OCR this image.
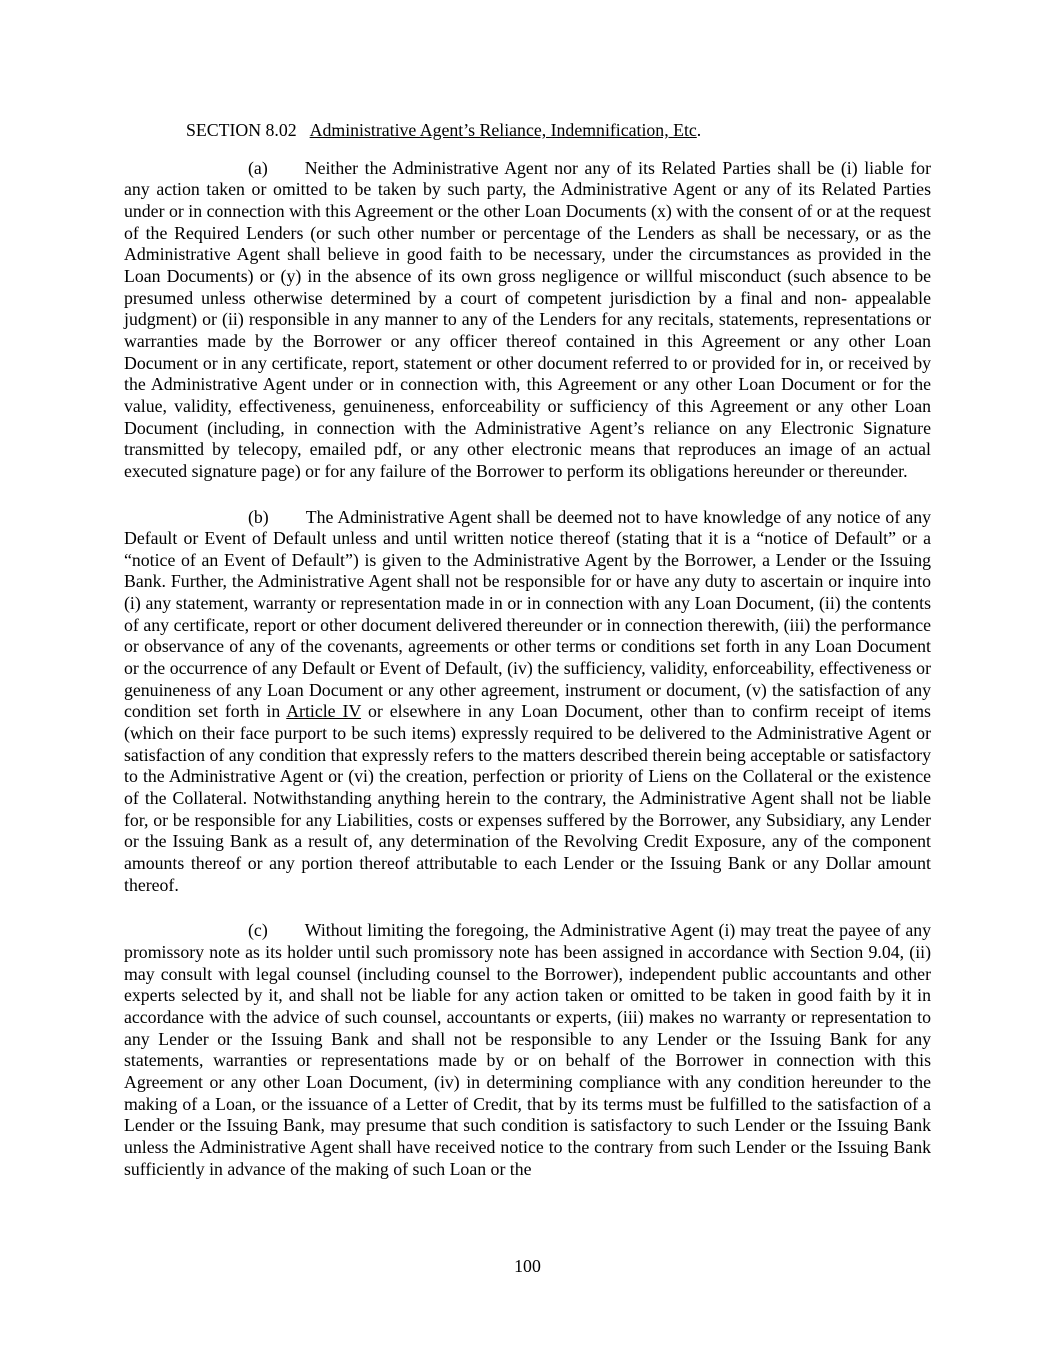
SECTION 8.02 Administrative Agent’s Reliance, Indemnification, Etc.

(a) Neither the Administrative Agent nor any of its Related Parties shall be (i) liable for any action taken or omitted to be taken by such party, the Administrative Agent or any of its Related Parties under or in connection with this Agreement or the other Loan Documents (x) with the consent of or at the request of the Required Lenders (or such other number or percentage of the Lenders as shall be necessary, or as the Administrative Agent shall believe in good faith to be necessary, under the circumstances as provided in the Loan Documents) or (y) in the absence of its own gross negligence or willful misconduct (such absence to be presumed unless otherwise determined by a court of competent jurisdiction by a final and non- appealable judgment) or (ii) responsible in any manner to any of the Lenders for any recitals, statements, representations or warranties made by the Borrower or any officer thereof contained in this Agreement or any other Loan Document or in any certificate, report, statement or other document referred to or provided for in, or received by the Administrative Agent under or in connection with, this Agreement or any other Loan Document or for the value, validity, effectiveness, genuineness, enforceability or sufficiency of this Agreement or any other Loan Document (including, in connection with the Administrative Agent’s reliance on any Electronic Signature transmitted by telecopy, emailed pdf, or any other electronic means that reproduces an image of an actual executed signature page) or for any failure of the Borrower to perform its obligations hereunder or thereunder.

(b) The Administrative Agent shall be deemed not to have knowledge of any notice of any Default or Event of Default unless and until written notice thereof (stating that it is a “notice of Default” or a “notice of an Event of Default”) is given to the Administrative Agent by the Borrower, a Lender or the Issuing Bank. Further, the Administrative Agent shall not be responsible for or have any duty to ascertain or inquire into (i) any statement, warranty or representation made in or in connection with any Loan Document, (ii) the contents of any certificate, report or other document delivered thereunder or in connection therewith, (iii) the performance or observance of any of the covenants, agreements or other terms or conditions set forth in any Loan Document or the occurrence of any Default or Event of Default, (iv) the sufficiency, validity, enforceability, effectiveness or genuineness of any Loan Document or any other agreement, instrument or document, (v) the satisfaction of any condition set forth in Article IV or elsewhere in any Loan Document, other than to confirm receipt of items (which on their face purport to be such items) expressly required to be delivered to the Administrative Agent or satisfaction of any condition that expressly refers to the matters described therein being acceptable or satisfactory to the Administrative Agent or (vi) the creation, perfection or priority of Liens on the Collateral or the existence of the Collateral. Notwithstanding anything herein to the contrary, the Administrative Agent shall not be liable for, or be responsible for any Liabilities, costs or expenses suffered by the Borrower, any Subsidiary, any Lender or the Issuing Bank as a result of, any determination of the Revolving Credit Exposure, any of the component amounts thereof or any portion thereof attributable to each Lender or the Issuing Bank or any Dollar amount thereof.

(c) Without limiting the foregoing, the Administrative Agent (i) may treat the payee of any promissory note as its holder until such promissory note has been assigned in accordance with Section 9.04, (ii) may consult with legal counsel (including counsel to the Borrower), independent public accountants and other experts selected by it, and shall not be liable for any action taken or omitted to be taken in good faith by it in accordance with the advice of such counsel, accountants or experts, (iii) makes no warranty or representation to any Lender or the Issuing Bank and shall not be responsible to any Lender or the Issuing Bank for any statements, warranties or representations made by or on behalf of the Borrower in connection with this Agreement or any other Loan Document, (iv) in determining compliance with any condition hereunder to the making of a Loan, or the issuance of a Letter of Credit, that by its terms must be fulfilled to the satisfaction of a Lender or the Issuing Bank, may presume that such condition is satisfactory to such Lender or the Issuing Bank unless the Administrative Agent shall have received notice to the contrary from such Lender or the Issuing Bank sufficiently in advance of the making of such Loan or the

100
